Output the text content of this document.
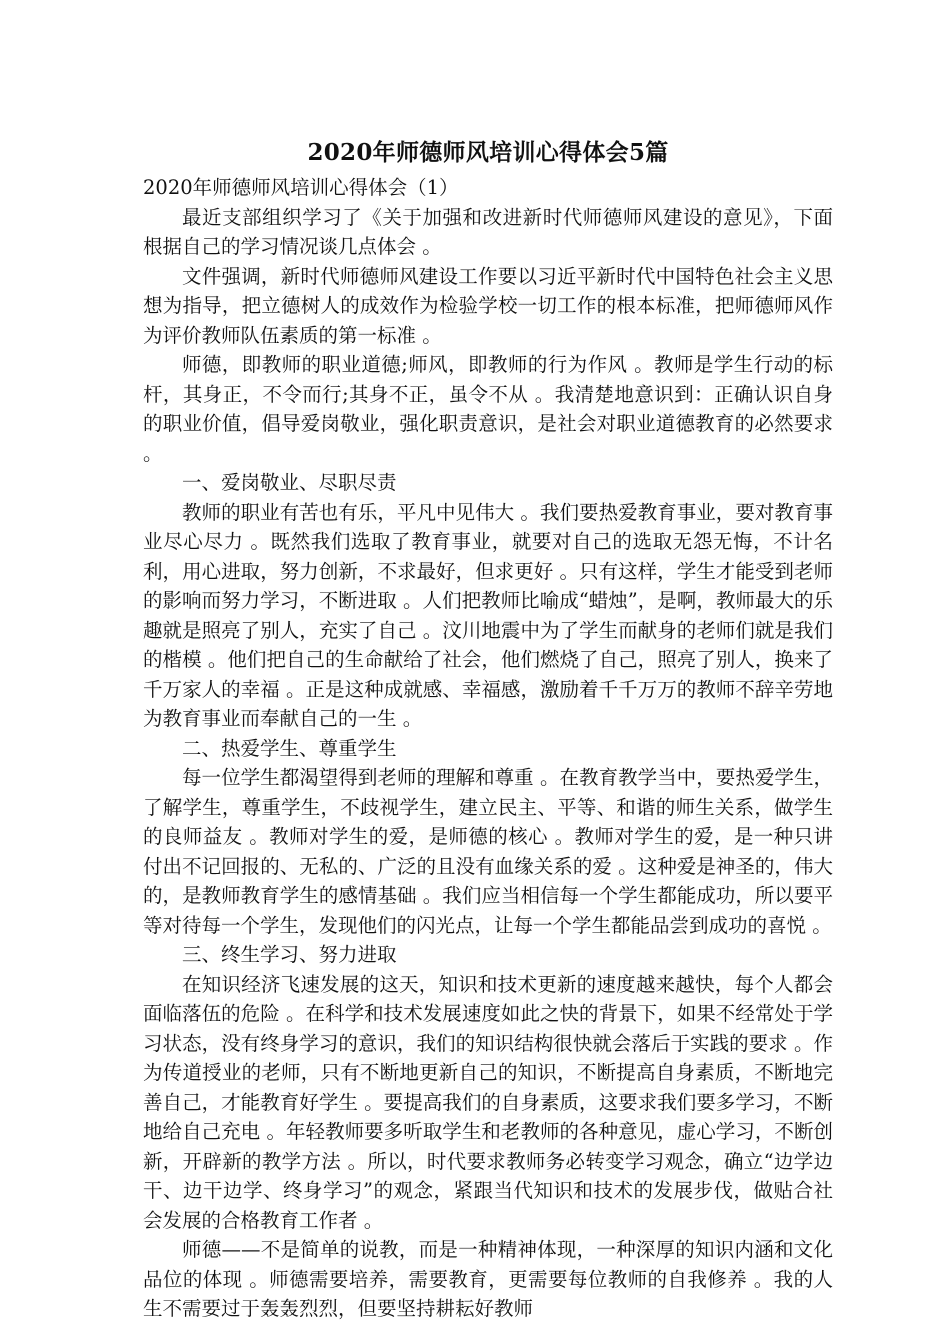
2020年师德师风培训心得体会5篇

2020年师德师风培训心得体会（1）

最近支部组织学习了《关于加强和改进新时代师德师风建设的意见》，下面根据自己的学习情况谈几点体会 。

文件强调，新时代师德师风建设工作要以习近平新时代中国特色社会主义思想为指导，把立德树人的成效作为检验学校一切工作的根本标准，把师德师风作为评价教师队伍素质的第一标准 。

师德，即教师的职业道德;师风，即教师的行为作风 。教师是学生行动的标杆，其身正，不令而行;其身不正，虽令不从 。我清楚地意识到：正确认识自身的职业价值，倡导爱岗敬业，强化职责意识，是社会对职业道德教育的必然要求 。

一、爱岗敬业、尽职尽责

教师的职业有苦也有乐，平凡中见伟大 。我们要热爱教育事业，要对教育事业尽心尽力 。既然我们选取了教育事业，就要对自己的选取无怨无悔，不计名利，用心进取，努力创新，不求最好，但求更好 。只有这样，学生才能受到老师的影响而努力学习，不断进取 。人们把教师比喻成“蜡烛”，是啊，教师最大的乐趣就是照亮了别人，充实了自己 。汶川地震中为了学生而献身的老师们就是我们的楷模 。他们把自己的生命献给了社会，他们燃烧了自己，照亮了别人，换来了千万家人的幸福 。正是这种成就感、幸福感，激励着千千万万的教师不辞辛劳地为教育事业而奉献自己的一生 。

二、热爱学生、尊重学生

每一位学生都渴望得到老师的理解和尊重 。在教育教学当中，要热爱学生，了解学生，尊重学生，不歧视学生，建立民主、平等、和谐的师生关系，做学生的良师益友 。教师对学生的爱，是师德的核心 。教师对学生的爱，是一种只讲付出不记回报的、无私的、广泛的且没有血缘关系的爱 。这种爱是神圣的，伟大的，是教师教育学生的感情基础 。我们应当相信每一个学生都能成功，所以要平等对待每一个学生，发现他们的闪光点，让每一个学生都能品尝到成功的喜悦 。

三、终生学习、努力进取

在知识经济飞速发展的这天，知识和技术更新的速度越来越快，每个人都会面临落伍的危险 。在科学和技术发展速度如此之快的背景下，如果不经常处于学习状态，没有终身学习的意识，我们的知识结构很快就会落后于实践的要求 。作为传道授业的老师，只有不断地更新自己的知识，不断提高自身素质，不断地完善自己，才能教育好学生 。要提高我们的自身素质，这要求我们要多学习，不断地给自己充电 。年轻教师要多听取学生和老教师的各种意见，虚心学习，不断创新，开辟新的教学方法 。所以，时代要求教师务必转变学习观念，确立“边学边干、边干边学、终身学习”的观念，紧跟当代知识和技术的发展步伐，做贴合社会发展的合格教育工作者 。

师德——不是简单的说教，而是一种精神体现，一种深厚的知识内涵和文化品位的体现 。师德需要培养，需要教育，更需要每位教师的自我修养 。我的人生不需要过于轰轰烈烈，但要坚持耕耘好教师
